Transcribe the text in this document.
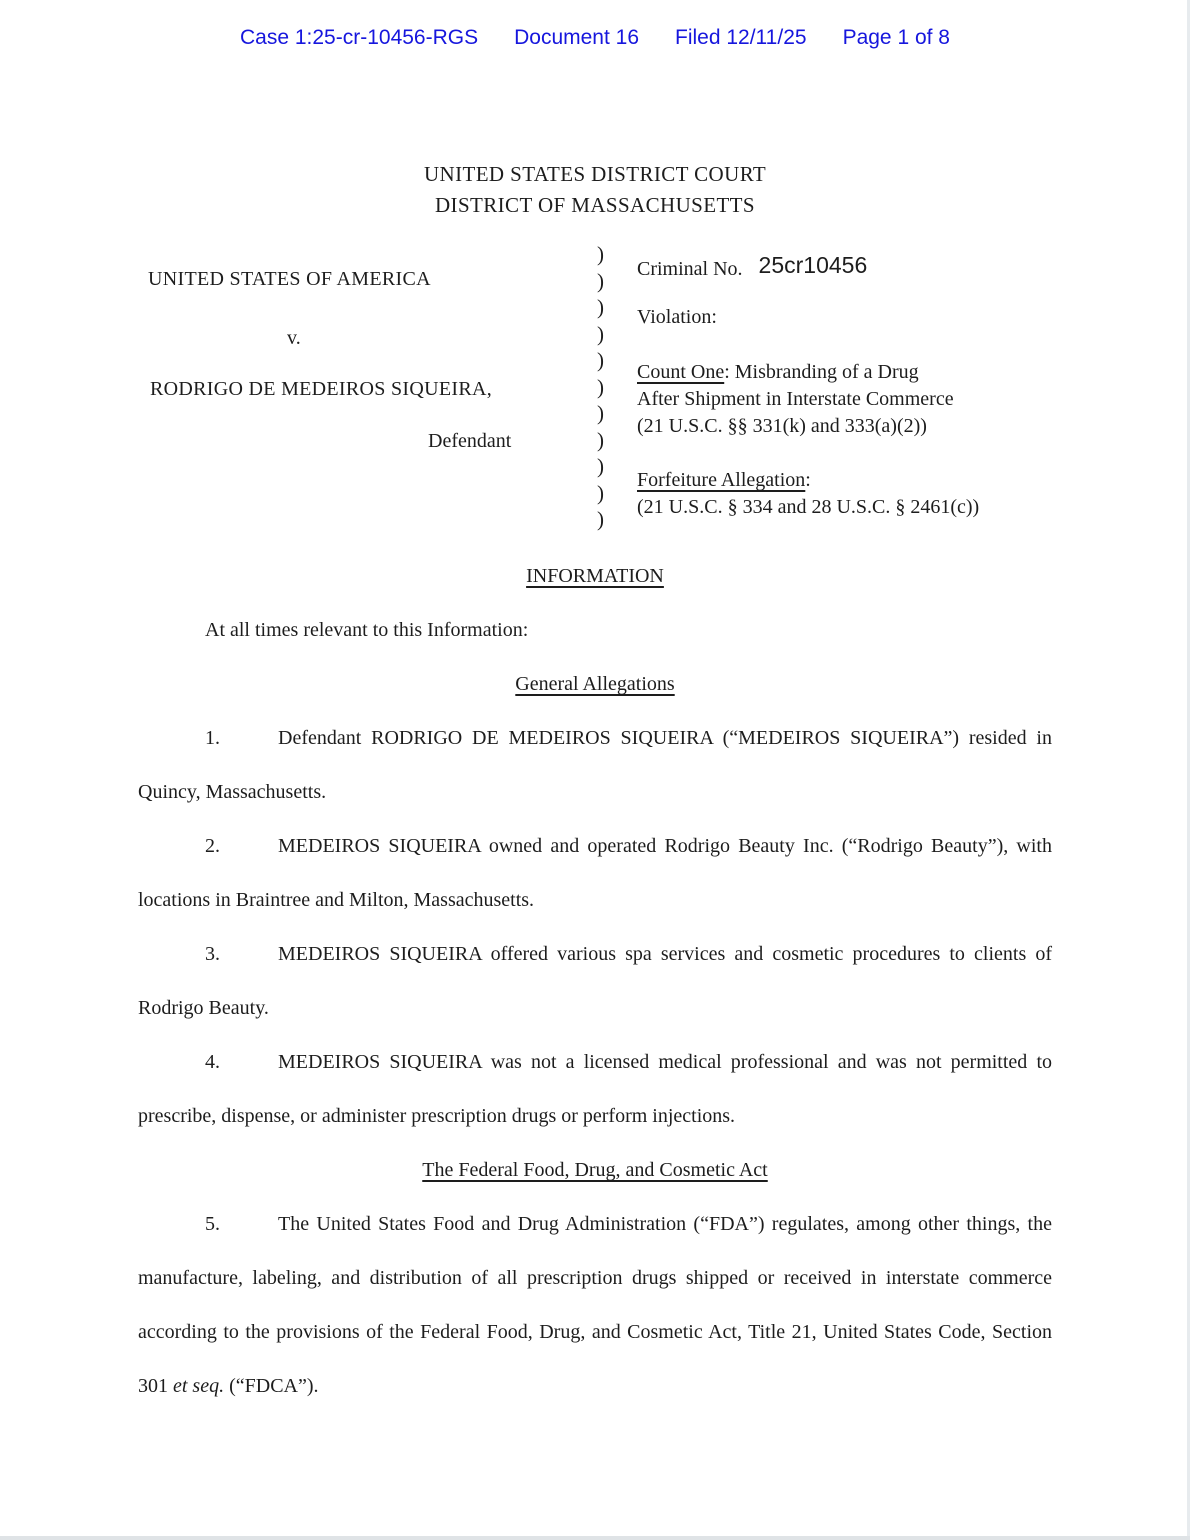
Case 1:25-cr-10456-RGS Document 16 Filed 12/11/25 Page 1 of 8
UNITED STATES DISTRICT COURT
DISTRICT OF MASSACHUSETTS
UNITED STATES OF AMERICA
v.
RODRIGO DE MEDEIROS SIQUEIRA,
Defendant
)
)
)
)
)
)
)
)
)
)
)
Criminal No. 25cr10456
Violation:
Count One: Misbranding of a Drug
After Shipment in Interstate Commerce
(21 U.S.C. §§ 331(k) and 333(a)(2))
Forfeiture Allegation:
(21 U.S.C. § 334 and 28 U.S.C. § 2461(c))
INFORMATION

At all times relevant to this Information:

General Allegations

1.	Defendant RODRIGO DE MEDEIROS SIQUEIRA (“MEDEIROS SIQUEIRA”) resided in Quincy, Massachusetts.

2.	MEDEIROS SIQUEIRA owned and operated Rodrigo Beauty Inc. (“Rodrigo Beauty”), with locations in Braintree and Milton, Massachusetts.

3.	MEDEIROS SIQUEIRA offered various spa services and cosmetic procedures to clients of Rodrigo Beauty.

4.	MEDEIROS SIQUEIRA was not a licensed medical professional and was not permitted to prescribe, dispense, or administer prescription drugs or perform injections.

The Federal Food, Drug, and Cosmetic Act

5.	The United States Food and Drug Administration (“FDA”) regulates, among other things, the manufacture, labeling, and distribution of all prescription drugs shipped or received in interstate commerce according to the provisions of the Federal Food, Drug, and Cosmetic Act, Title 21, United States Code, Section 301 et seq. (“FDCA”).
